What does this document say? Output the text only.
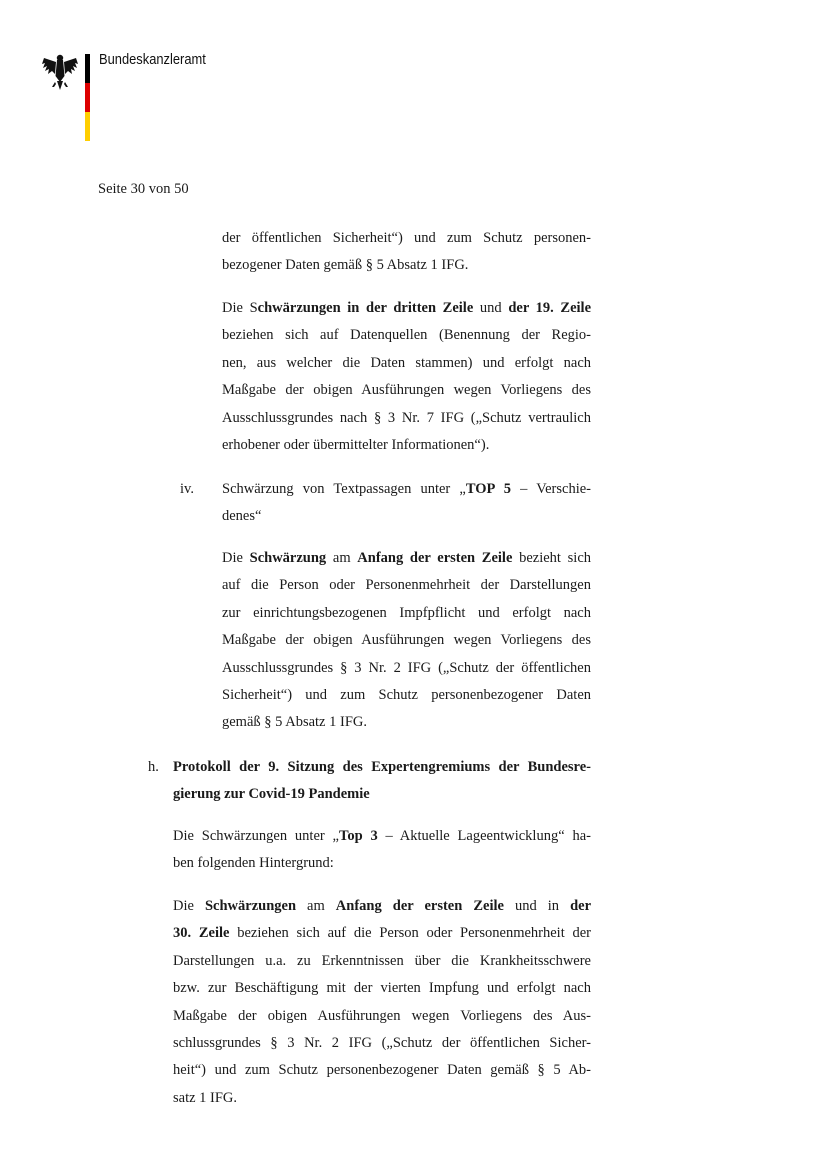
Bundeskanzleramt
Seite 30 von 50
der öffentlichen Sicherheit“) und zum Schutz personen-
bezogener Daten gemäß § 5 Absatz 1 IFG.
Die Schwärzungen in der dritten Zeile und der 19. Zeile
beziehen sich auf Datenquellen (Benennung der Regio-
nen, aus welcher die Daten stammen) und erfolgt nach
Maßgabe der obigen Ausführungen wegen Vorliegens des
Ausschlussgrundes nach § 3 Nr. 7 IFG („Schutz vertraulich
erhobener oder übermittelter Informationen“).
iv. Schwärzung von Textpassagen unter „TOP 5 – Verschie-
denes“
Die Schwärzung am Anfang der ersten Zeile bezieht sich
auf die Person oder Personenmehrheit der Darstellungen
zur einrichtungsbezogenen Impfpflicht und erfolgt nach
Maßgabe der obigen Ausführungen wegen Vorliegens des
Ausschlussgrundes § 3 Nr. 2 IFG („Schutz der öffentlichen
Sicherheit“) und zum Schutz personenbezogener Daten
gemäß § 5 Absatz 1 IFG.
h. Protokoll der 9. Sitzung des Expertengremiums der Bundesre-
gierung zur Covid-19 Pandemie
Die Schwärzungen unter „Top 3 – Aktuelle Lageentwicklung“ ha-
ben folgenden Hintergrund:
Die Schwärzungen am Anfang der ersten Zeile und in der
30. Zeile beziehen sich auf die Person oder Personenmehrheit der
Darstellungen u.a. zu Erkenntnissen über die Krankheitsschwere
bzw. zur Beschäftigung mit der vierten Impfung und erfolgt nach
Maßgabe der obigen Ausführungen wegen Vorliegens des Aus-
schlussgrundes § 3 Nr. 2 IFG („Schutz der öffentlichen Sicher-
heit“) und zum Schutz personenbezogener Daten gemäß § 5 Ab-
satz 1 IFG.
